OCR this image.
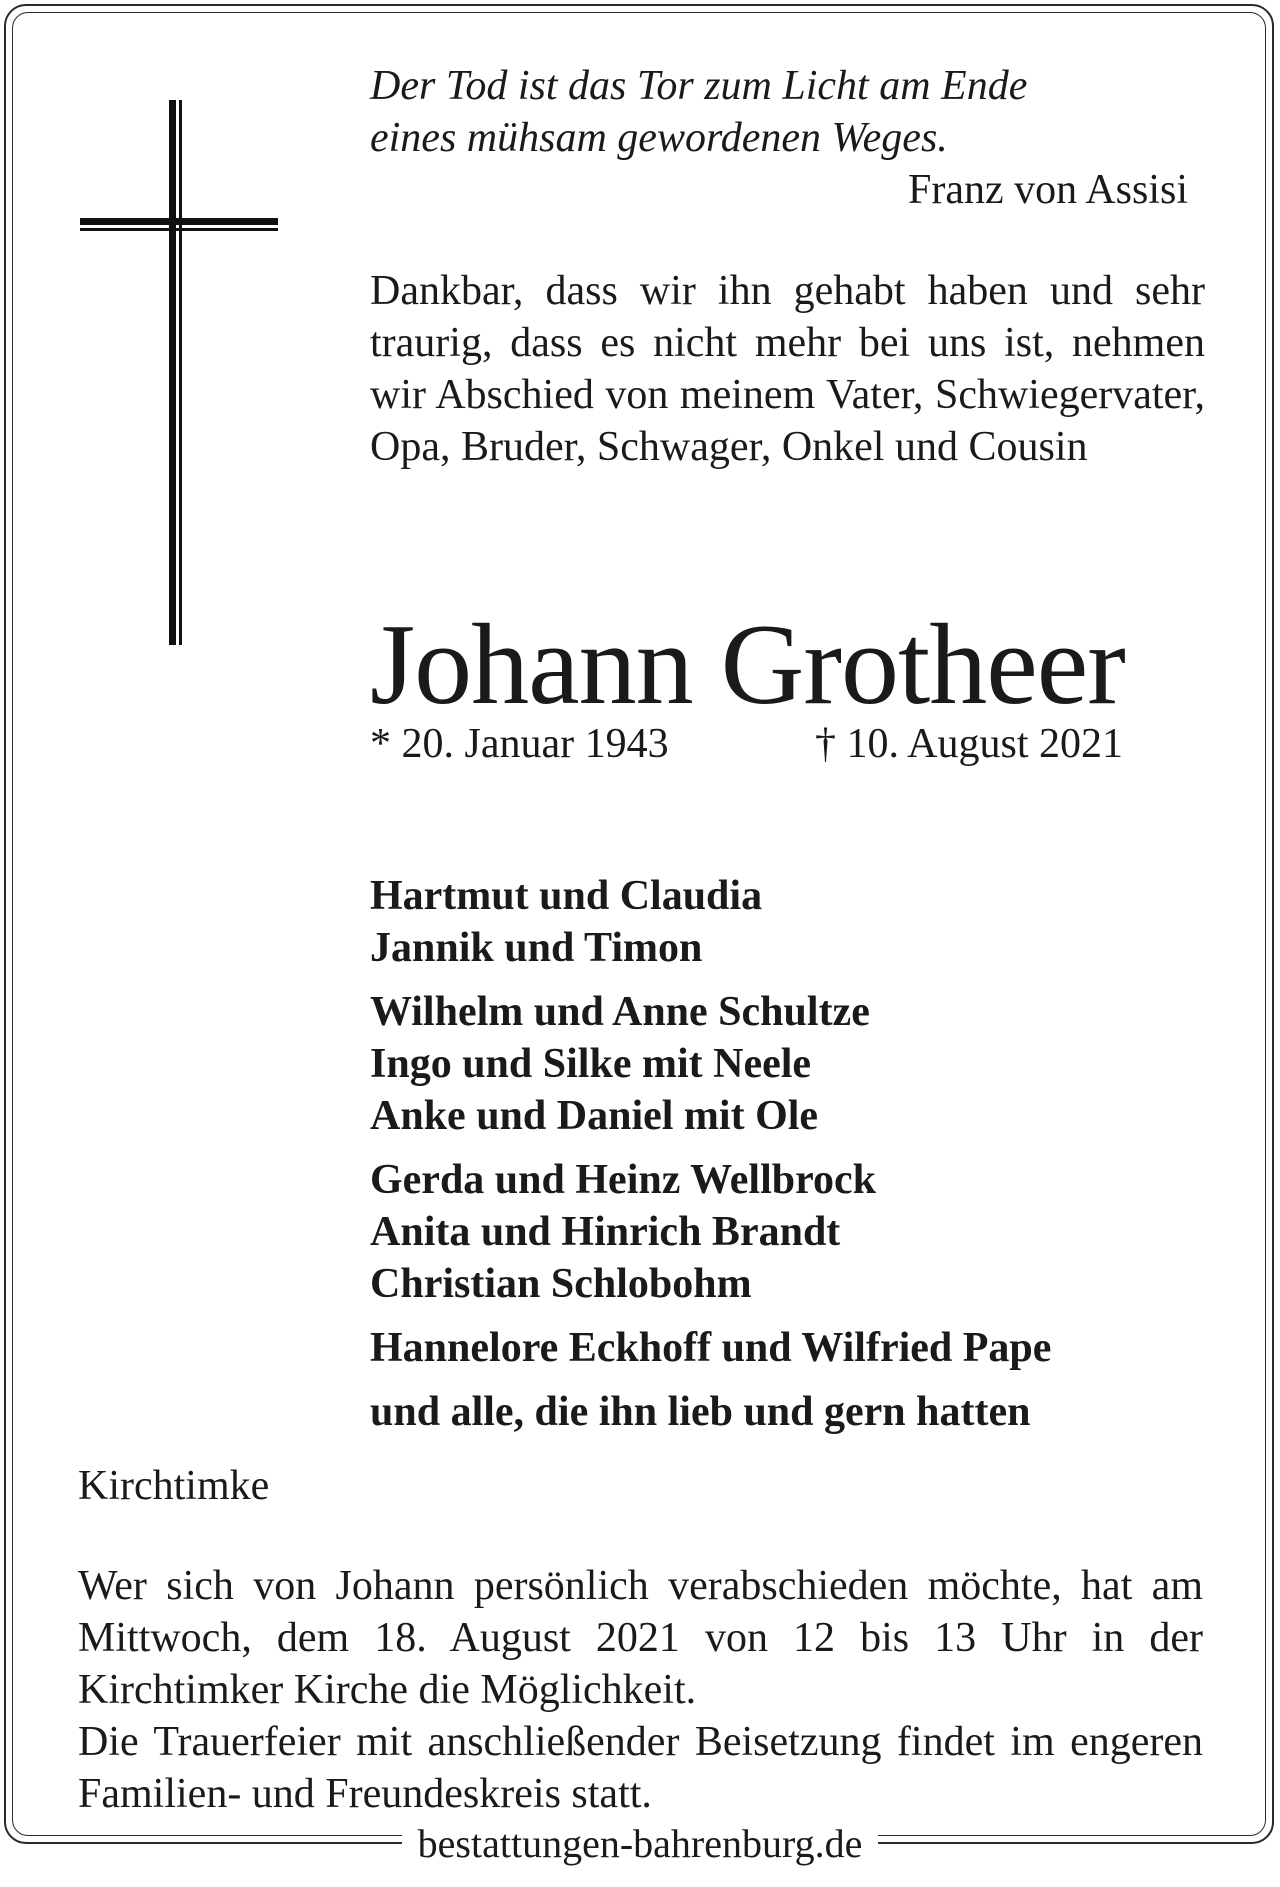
Der Tod ist das Tor zum Licht am Ende
eines mühsam gewordenen Weges.
Franz von Assisi
Dankbar, dass wir ihn gehabt haben und sehr traurig, dass es nicht mehr bei uns ist, nehmen wir Abschied von meinem Vater, Schwiegervater, Opa, Bruder, Schwager, Onkel und Cousin
Johann Grotheer
* 20. Januar 1943	† 10. August 2021
Hartmut und Claudia
Jannik und Timon
Wilhelm und Anne Schultze
Ingo und Silke mit Neele
Anke und Daniel mit Ole
Gerda und Heinz Wellbrock
Anita und Hinrich Brandt
Christian Schlobohm
Hannelore Eckhoff und Wilfried Pape
und alle, die ihn lieb und gern hatten
Kirchtimke

Wer sich von Johann persönlich verabschieden möchte, hat am Mittwoch, dem 18. August 2021 von 12 bis 13 Uhr in der Kirchtimker Kirche die Möglichkeit.

Die Trauerfeier mit anschließender Beisetzung findet im engeren Familien- und Freundeskreis statt.

bestattungen-bahrenburg.de
